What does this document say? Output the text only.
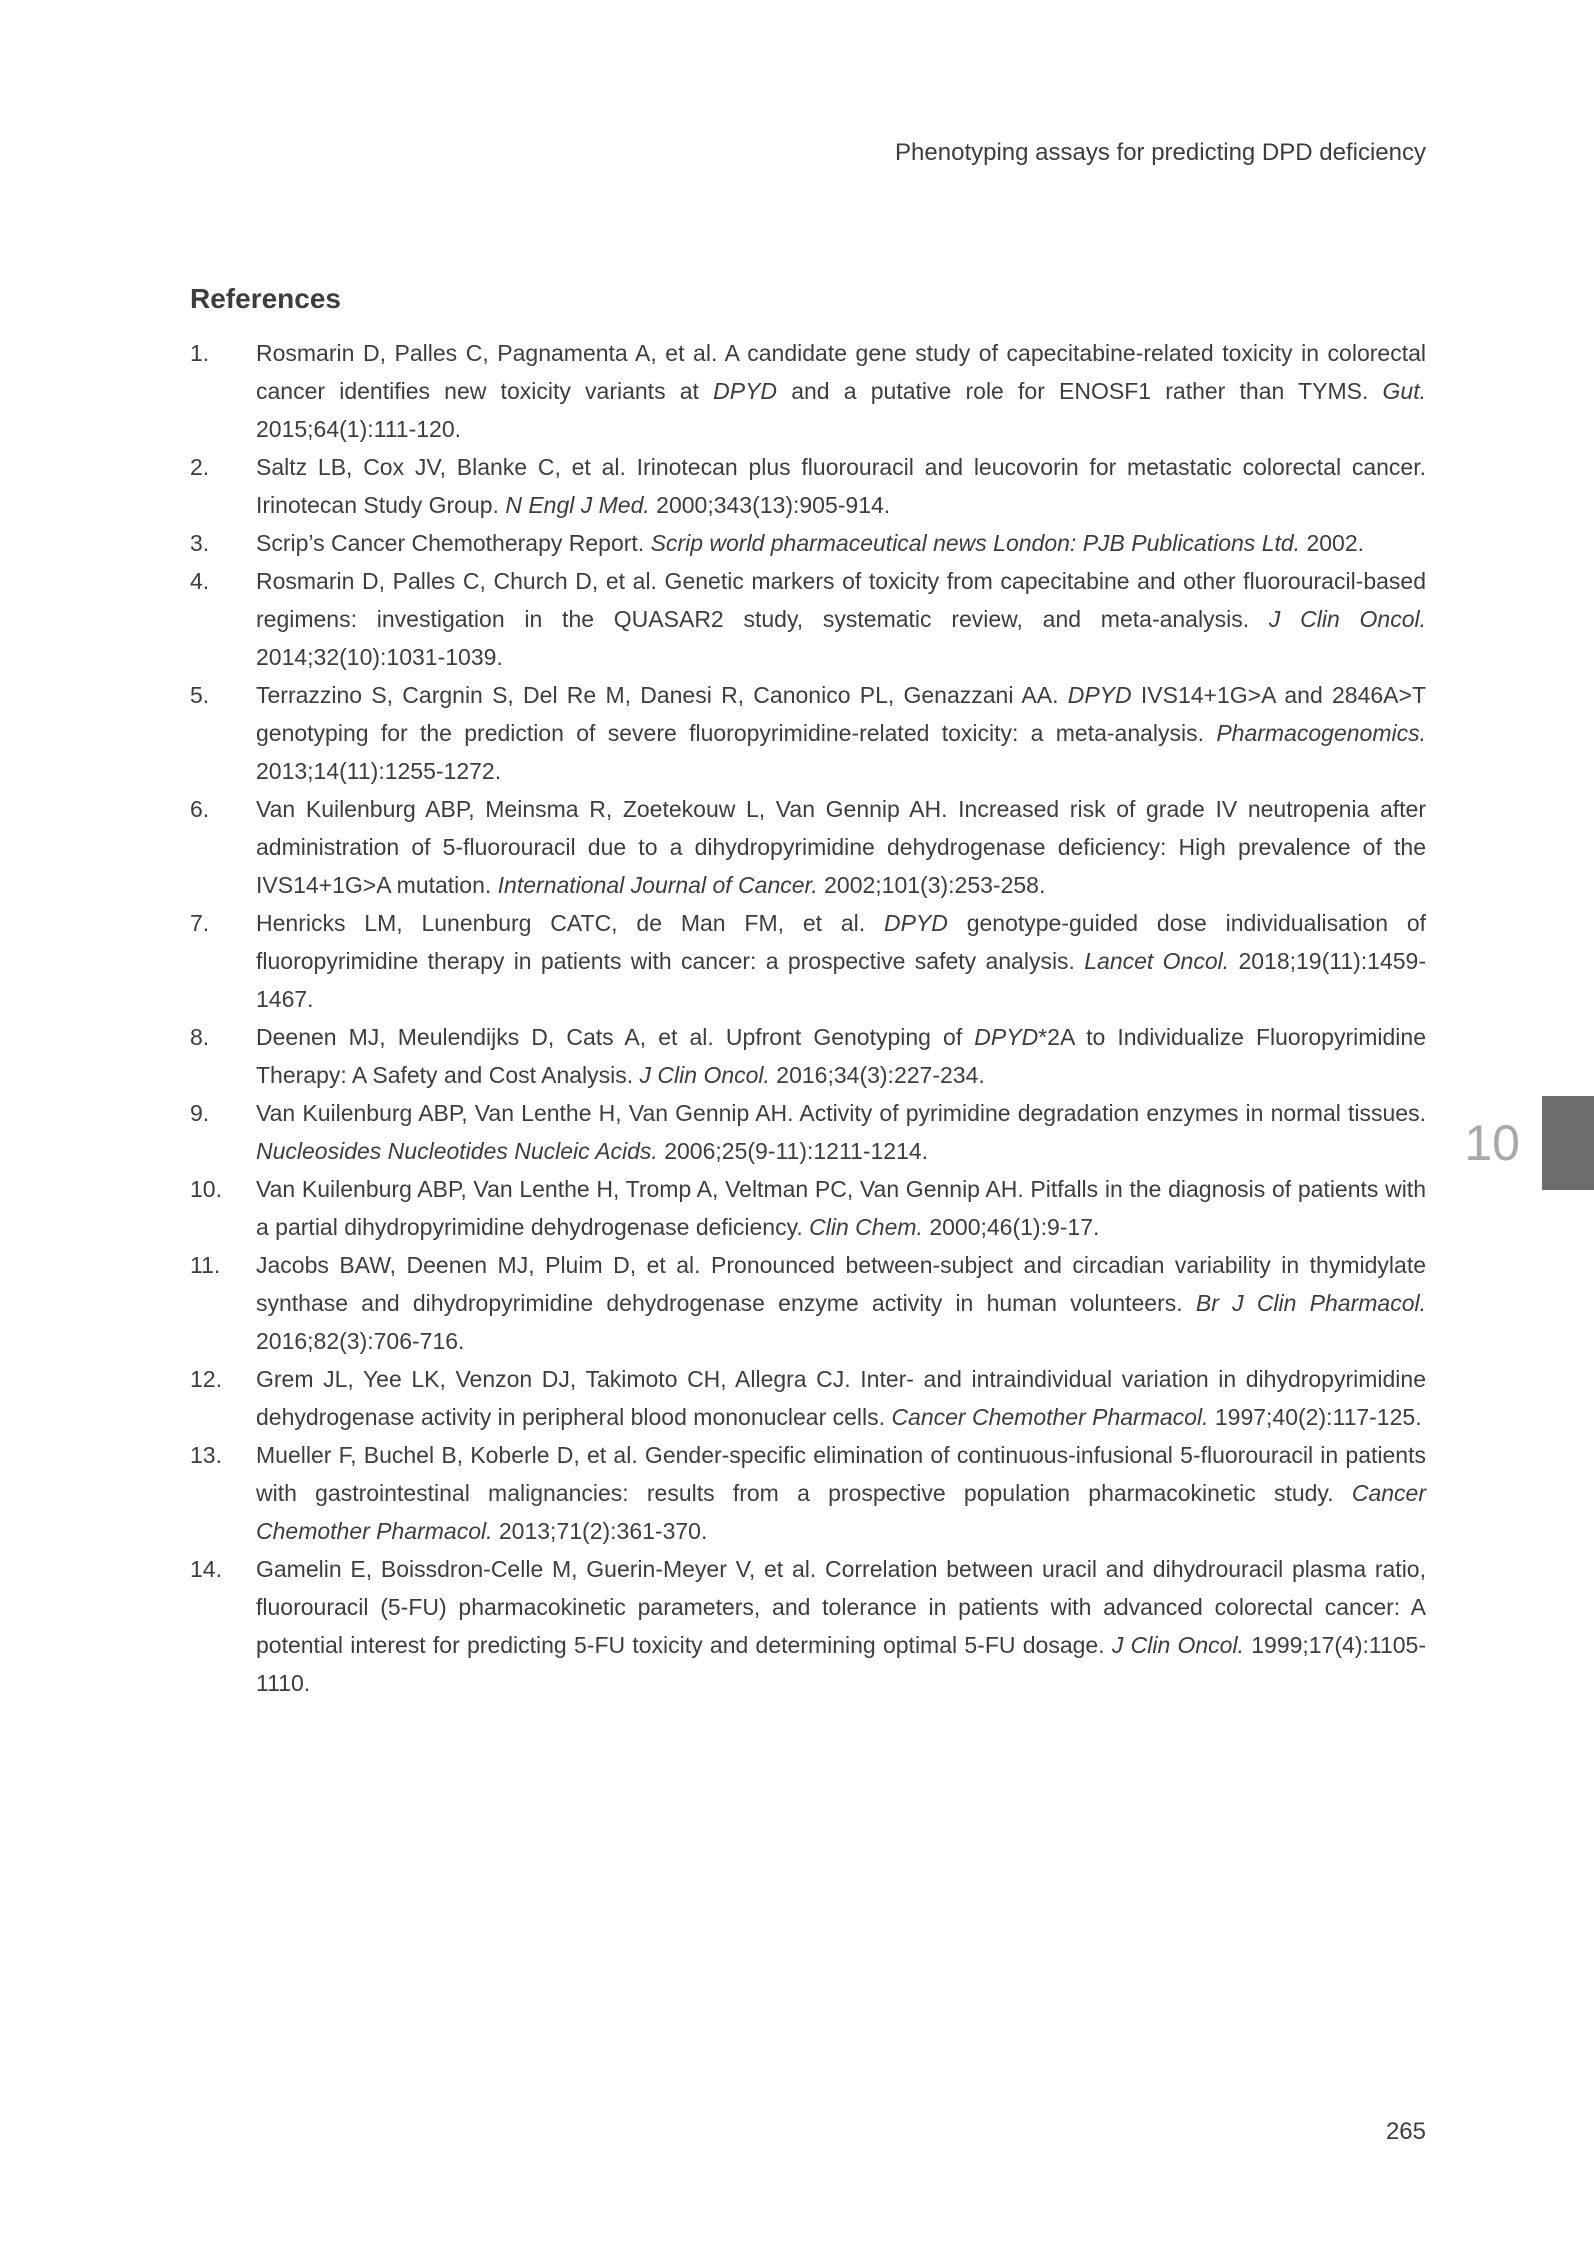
Phenotyping assays for predicting DPD deficiency
References
1.	Rosmarin D, Palles C, Pagnamenta A, et al. A candidate gene study of capecitabine-related toxicity in colorectal cancer identifies new toxicity variants at DPYD and a putative role for ENOSF1 rather than TYMS. Gut. 2015;64(1):111-120.
2.	Saltz LB, Cox JV, Blanke C, et al. Irinotecan plus fluorouracil and leucovorin for metastatic colorectal cancer. Irinotecan Study Group. N Engl J Med. 2000;343(13):905-914.
3.	Scrip’s Cancer Chemotherapy Report. Scrip world pharmaceutical news London: PJB Publications Ltd. 2002.
4.	Rosmarin D, Palles C, Church D, et al. Genetic markers of toxicity from capecitabine and other fluorouracil-based regimens: investigation in the QUASAR2 study, systematic review, and meta-analysis. J Clin Oncol. 2014;32(10):1031-1039.
5.	Terrazzino S, Cargnin S, Del Re M, Danesi R, Canonico PL, Genazzani AA. DPYD IVS14+1G>A and 2846A>T genotyping for the prediction of severe fluoropyrimidine-related toxicity: a meta-analysis. Pharmacogenomics. 2013;14(11):1255-1272.
6.	Van Kuilenburg ABP, Meinsma R, Zoetekouw L, Van Gennip AH. Increased risk of grade IV neutropenia after administration of 5-fluorouracil due to a dihydropyrimidine dehydrogenase deficiency: High prevalence of the IVS14+1G>A mutation. International Journal of Cancer. 2002;101(3):253-258.
7.	Henricks LM, Lunenburg CATC, de Man FM, et al. DPYD genotype-guided dose individualisation of fluoropyrimidine therapy in patients with cancer: a prospective safety analysis. Lancet Oncol. 2018;19(11):1459-1467.
8.	Deenen MJ, Meulendijks D, Cats A, et al. Upfront Genotyping of DPYD*2A to Individualize Fluoropyrimidine Therapy: A Safety and Cost Analysis. J Clin Oncol. 2016;34(3):227-234.
9.	Van Kuilenburg ABP, Van Lenthe H, Van Gennip AH. Activity of pyrimidine degradation enzymes in normal tissues. Nucleosides Nucleotides Nucleic Acids. 2006;25(9-11):1211-1214.
10.	Van Kuilenburg ABP, Van Lenthe H, Tromp A, Veltman PC, Van Gennip AH. Pitfalls in the diagnosis of patients with a partial dihydropyrimidine dehydrogenase deficiency. Clin Chem. 2000;46(1):9-17.
11.	Jacobs BAW, Deenen MJ, Pluim D, et al. Pronounced between-subject and circadian variability in thymidylate synthase and dihydropyrimidine dehydrogenase enzyme activity in human volunteers. Br J Clin Pharmacol. 2016;82(3):706-716.
12.	Grem JL, Yee LK, Venzon DJ, Takimoto CH, Allegra CJ. Inter- and intraindividual variation in dihydropyrimidine dehydrogenase activity in peripheral blood mononuclear cells. Cancer Chemother Pharmacol. 1997;40(2):117-125.
13.	Mueller F, Buchel B, Koberle D, et al. Gender-specific elimination of continuous-infusional 5-fluorouracil in patients with gastrointestinal malignancies: results from a prospective population pharmacokinetic study. Cancer Chemother Pharmacol. 2013;71(2):361-370.
14.	Gamelin E, Boissdron-Celle M, Guerin-Meyer V, et al. Correlation between uracil and dihydrouracil plasma ratio, fluorouracil (5-FU) pharmacokinetic parameters, and tolerance in patients with advanced colorectal cancer: A potential interest for predicting 5-FU toxicity and determining optimal 5-FU dosage. J Clin Oncol. 1999;17(4):1105-1110.
10
265
